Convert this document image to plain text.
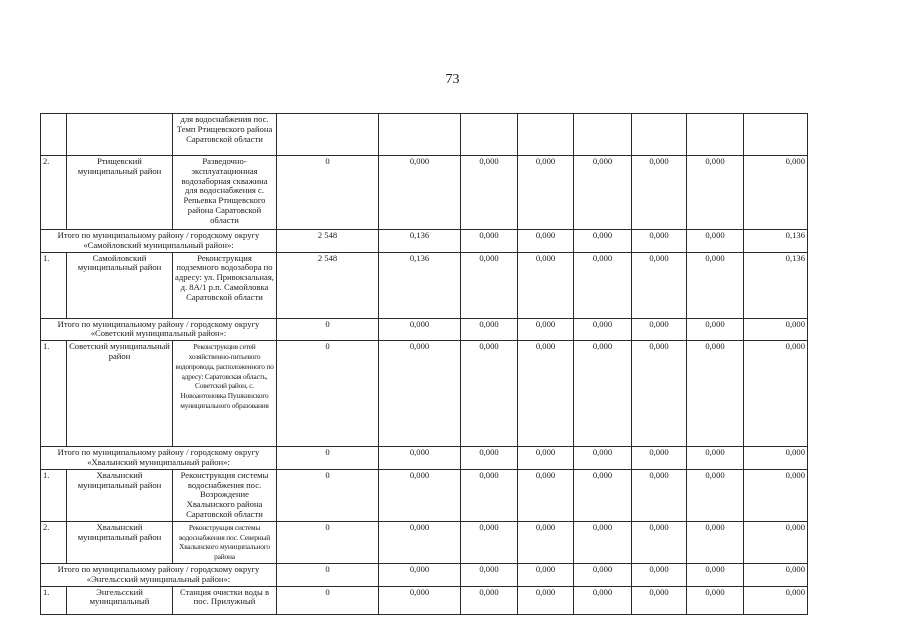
73
		для водоснабжения пос. Темп Ртищевского района Саратовской области								
2.	Ртищевский муниципальный район	Разведочно-эксплуатационная водозаборная скважина для водоснабжения с. Репьевка Ртищевского района Саратовской области	0	0,000	0,000	0,000	0,000	0,000	0,000	0,000
Итого по муниципальному району / городскому округу «Самойловский муниципальный район»:			2 548	0,136	0,000	0,000	0,000	0,000	0,000	0,136
1.	Самойловский муниципальный район	Реконструкция подземного водозабора по адресу: ул. Привокзальная, д. 8А/1 р.п. Самойловка Саратовской области	2 548	0,136	0,000	0,000	0,000	0,000	0,000	0,136
Итого по муниципальному району / городскому округу «Советский муниципальный район»:			0	0,000	0,000	0,000	0,000	0,000	0,000	0,000
1.	Советский муниципальный район	Реконструкция сетей хозяйственно-питьевого водопровода, расположенного по адресу: Саратовская область, Советский район, с. Новоантоновка Пушкинского муниципального образования	0	0,000	0,000	0,000	0,000	0,000	0,000	0,000
Итого по муниципальному району / городскому округу «Хвалынский муниципальный район»:			0	0,000	0,000	0,000	0,000	0,000	0,000	0,000
1.	Хвалынский муниципальный район	Реконструкция системы водоснабжения пос. Возрождение Хвалынского района Саратовской области	0	0,000	0,000	0,000	0,000	0,000	0,000	0,000
2.	Хвалынский муниципальный район	Реконструкция системы водоснабжения пос. Северный Хвалынского муниципального района	0	0,000	0,000	0,000	0,000	0,000	0,000	0,000
Итого по муниципальному району / городскому округу «Энгельсский муниципальный район»:			0	0,000	0,000	0,000	0,000	0,000	0,000	0,000
1.	Энгельсский муниципальный	Станция очистки воды в пос. Прилужный	0	0,000	0,000	0,000	0,000	0,000	0,000	0,000
